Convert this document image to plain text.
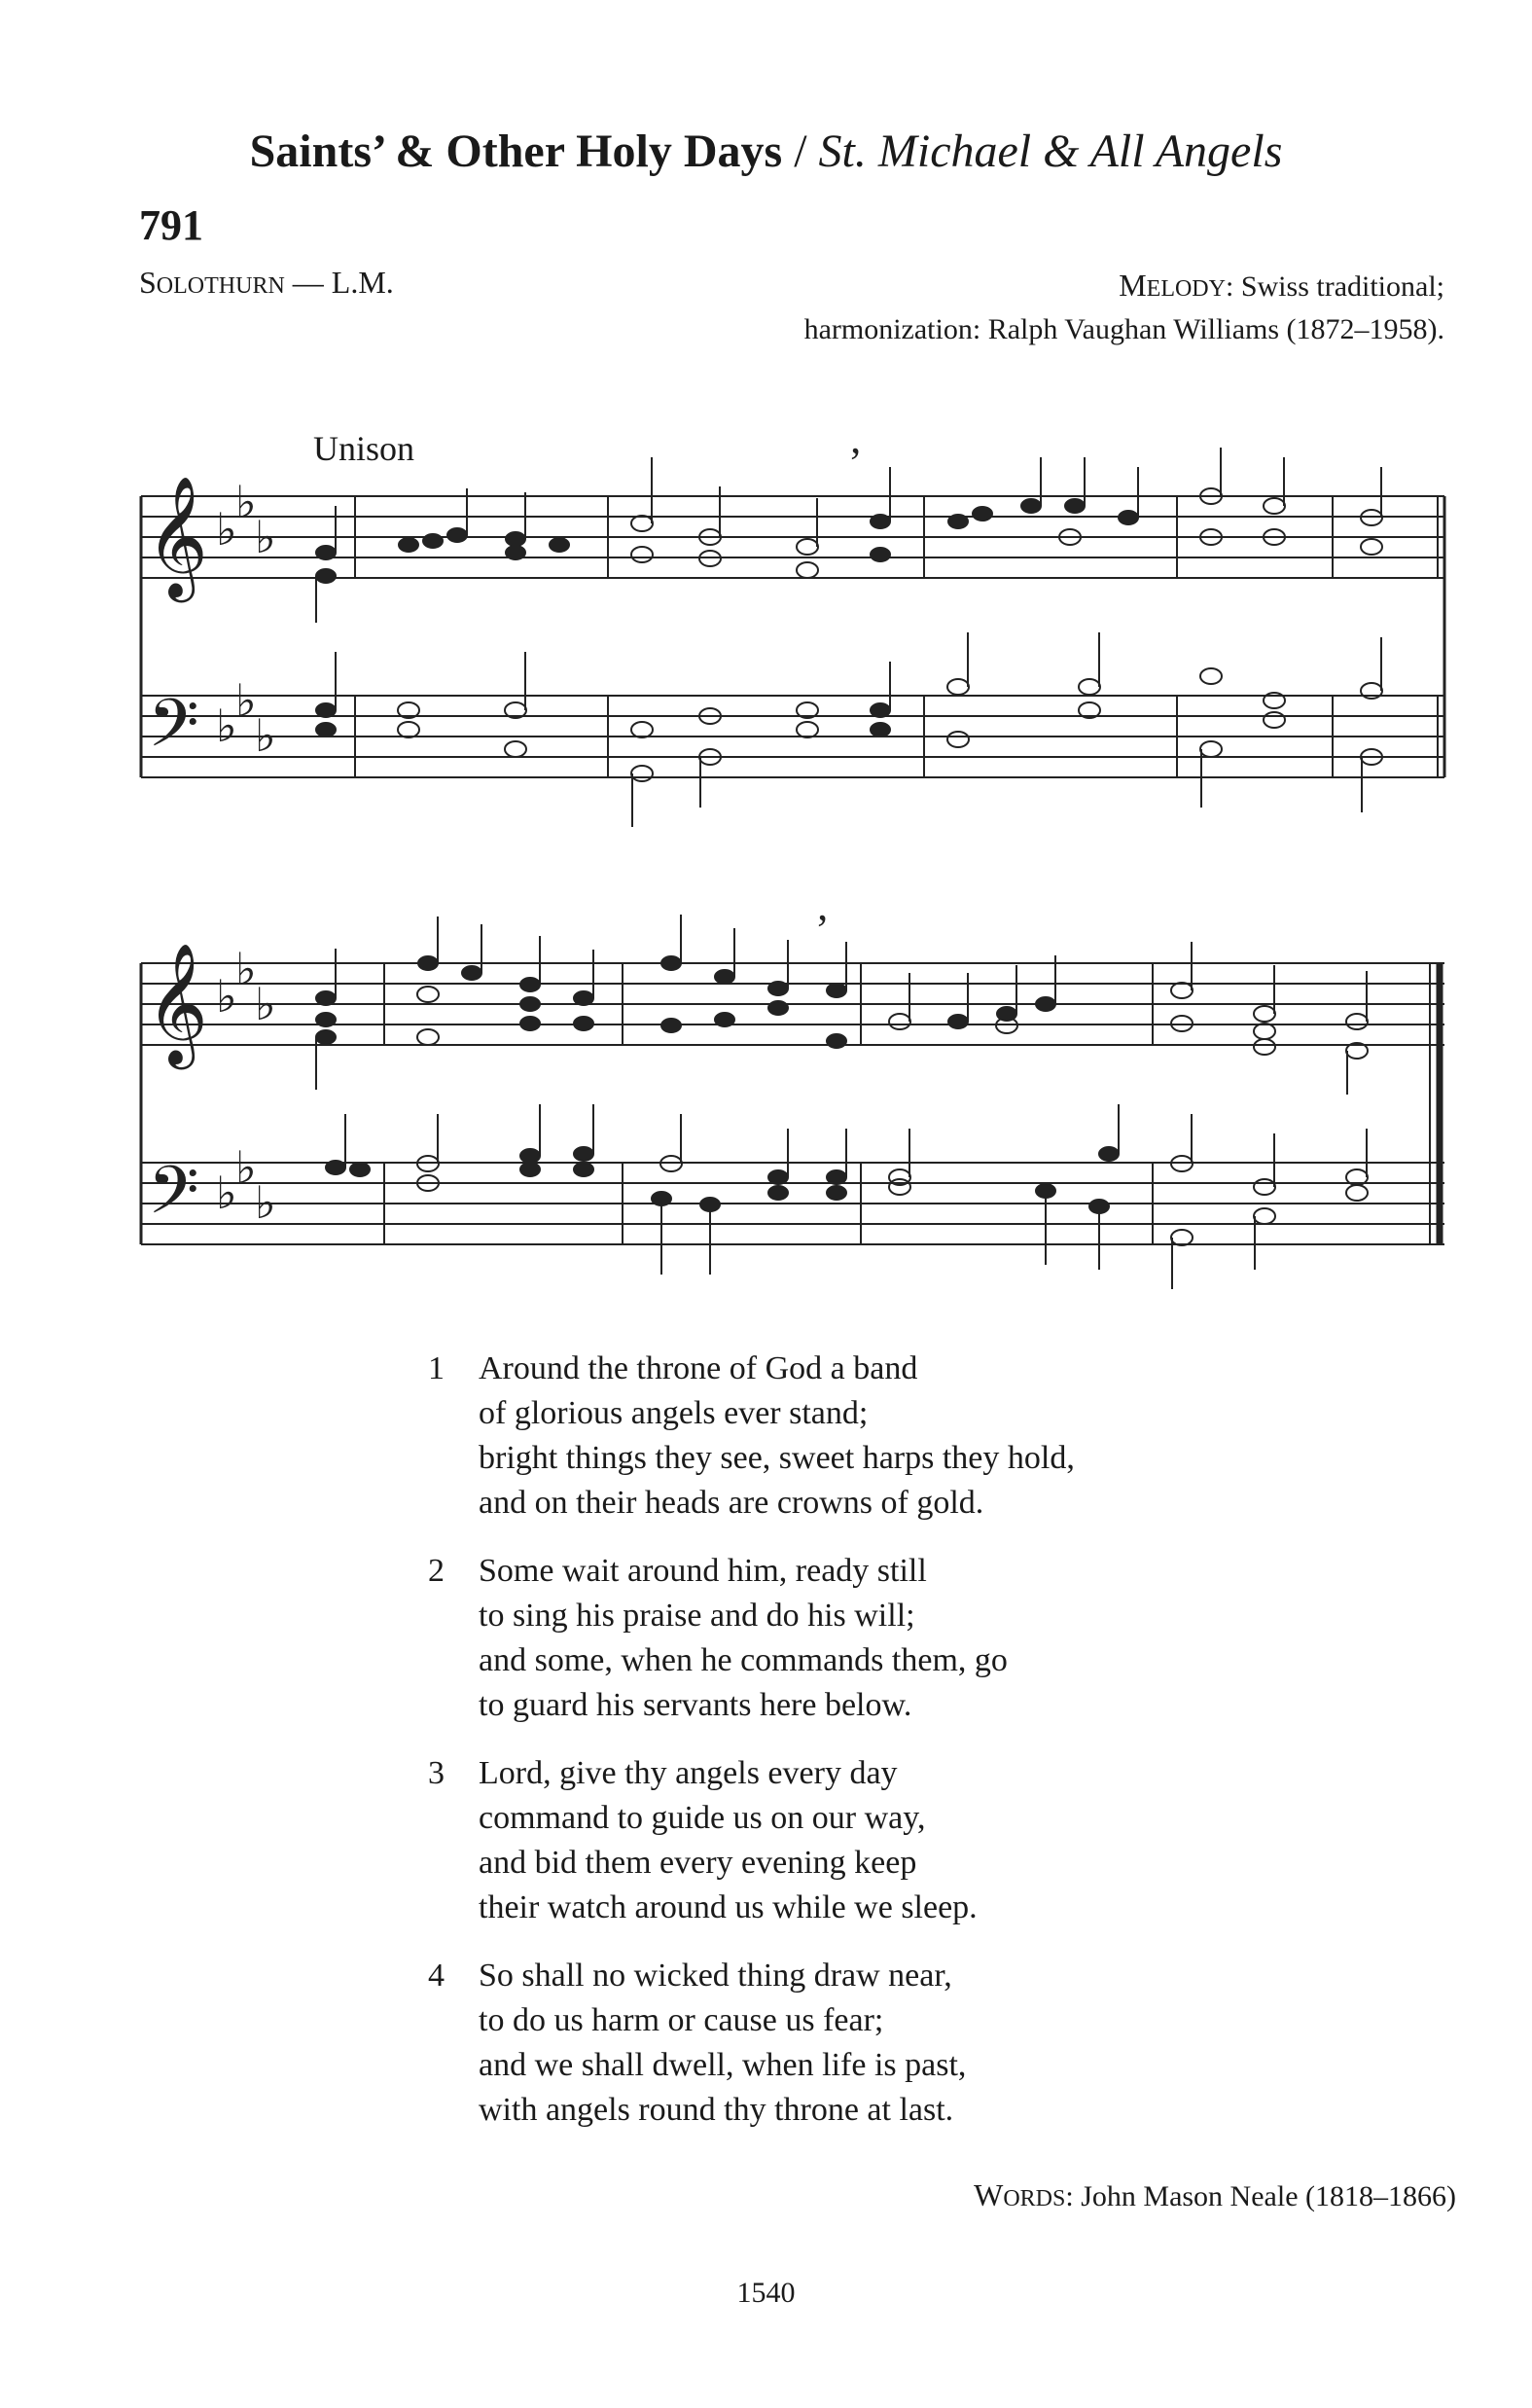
Saints’ & Other Holy Days / St. Michael & All Angels
791
SOLOTHURN — L.M.	MELODY: Swiss traditional;
harmonization: Ralph Vaughan Williams (1872–1958).
Unison
𝄞
𝄢
♭
♭
♭
♭
♭
♭
’
𝄞
𝄢
♭
♭
♭
♭
♭
♭
’
1 Around the throne of God a band
of glorious angels ever stand;
bright things they see, sweet harps they hold,
and on their heads are crowns of gold.
2 Some wait around him, ready still
to sing his praise and do his will;
and some, when he commands them, go
to guard his servants here below.
3 Lord, give thy angels every day
command to guide us on our way,
and bid them every evening keep
their watch around us while we sleep.
4 So shall no wicked thing draw near,
to do us harm or cause us fear;
and we shall dwell, when life is past,
with angels round thy throne at last.
WORDS: John Mason Neale (1818–1866)
1540
